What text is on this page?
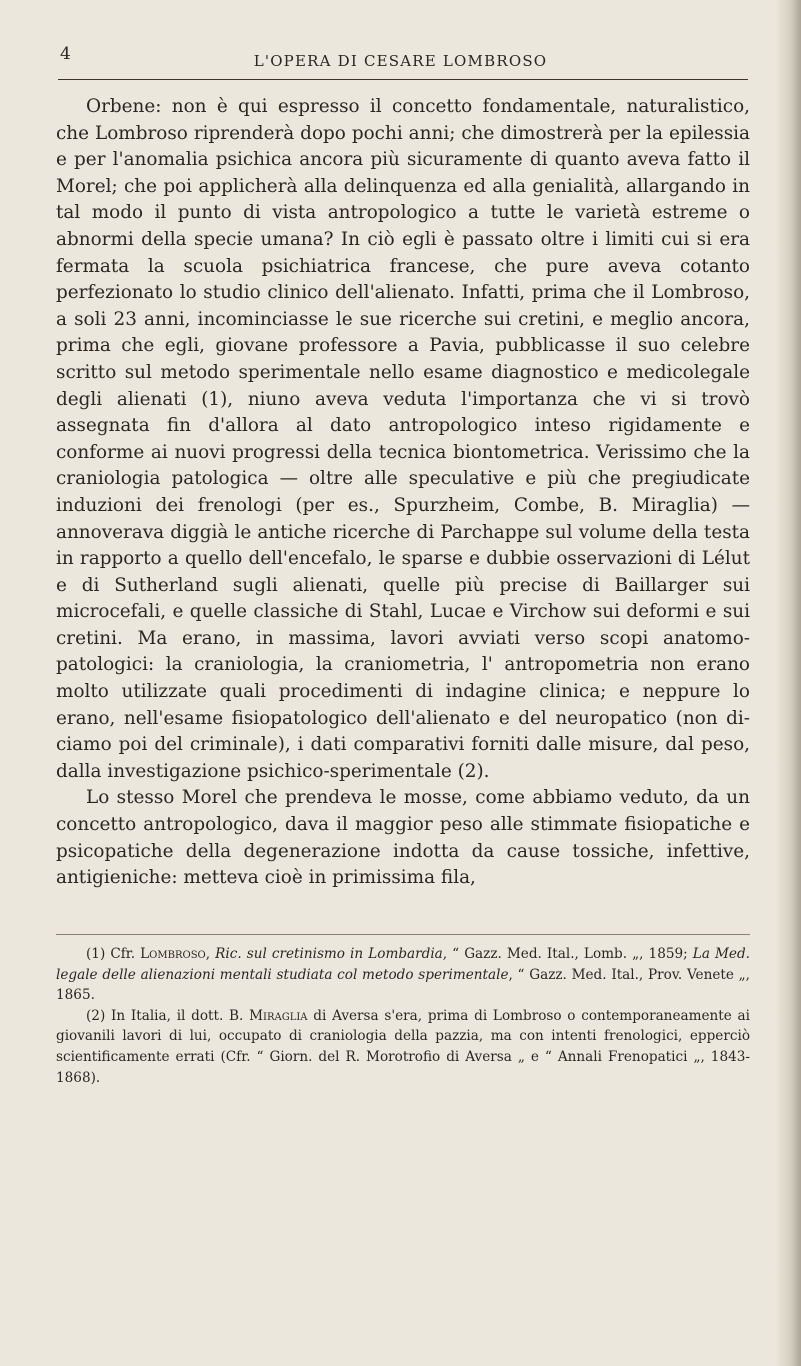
4	L'OPERA DI CESARE LOMBROSO

Orbene: non è qui espresso il concetto fondamentale, naturalistico, che Lombroso riprenderà dopo pochi anni; che dimostrerà per la epilessia e per l'anomalia psichica ancora più sicuramente di quanto aveva fatto il Morel; che poi applicherà alla delinquenza ed alla genialità, allargando in tal modo il punto di vista antropologico a tutte le varietà estreme o abnormi della specie umana? In ciò egli è passato oltre i limiti cui si era fermata la scuola psichiatrica francese, che pure aveva cotanto perfezionato lo studio clinico dell'alienato. Infatti, prima che il Lombroso, a soli 23 anni, incominciasse le sue ricerche sui cretini, e meglio ancora, prima che egli, giovane professore a Pavia, pubblicasse il suo celebre scritto sul metodo sperimentale nello esame diagnostico e medicolegale degli alienati (1), niuno aveva veduta l'importanza che vi si trovò assegnata fin d'allora al dato antropologico inteso rigidamente e conforme ai nuovi progressi della tecnica biontometrica. Verissimo che la craniologia patologica — oltre alle speculative e più che pregiudicate induzioni dei frenologi (per es., Spurzheim, Combe, B. Miraglia) — annoverava diggià le antiche ricerche di Parchappe sul volume della testa in rapporto a quello dell'encefalo, le sparse e dubbie osservazioni di Lélut e di Sutherland sugli alienati, quelle più precise di Baillarger sui microcefali, e quelle classiche di Stahl, Lucae e Virchow sui deformi e sui cretini. Ma erano, in massima, lavori avviati verso scopi anatomo-patologici: la craniologia, la craniometria, l' antropometria non erano molto utilizzate quali procedimenti di indagine clinica; e neppure lo erano, nell'esame fisiopatologico dell'alienato e del neuropatico (non diciamo poi del criminale), i dati comparativi forniti dalle misure, dal peso, dalla investigazione psichico-sperimentale (2).

Lo stesso Morel che prendeva le mosse, come abbiamo veduto, da un concetto antropologico, dava il maggior peso alle stimmate fisiopatiche e psicopatiche della degenerazione indotta da cause tossiche, infettive, antigieniche: metteva cioè in primissima fila,

(1) Cfr. Lombroso, Ric. sul cretinismo in Lombardia, “ Gazz. Med. Ital., Lomb. „, 1859; La Med. legale delle alienazioni mentali studiata col metodo sperimentale, “ Gazz. Med. Ital., Prov. Venete „, 1865.

(2) In Italia, il dott. B. Miraglia di Aversa s'era, prima di Lombroso o contemporaneamente ai giovanili lavori di lui, occupato di craniologia della pazzia, ma con intenti frenologici, epperciò scientificamente errati (Cfr. “ Giorn. del R. Morotrofio di Aversa „ e “ Annali Frenopatici „, 1843-1868).
